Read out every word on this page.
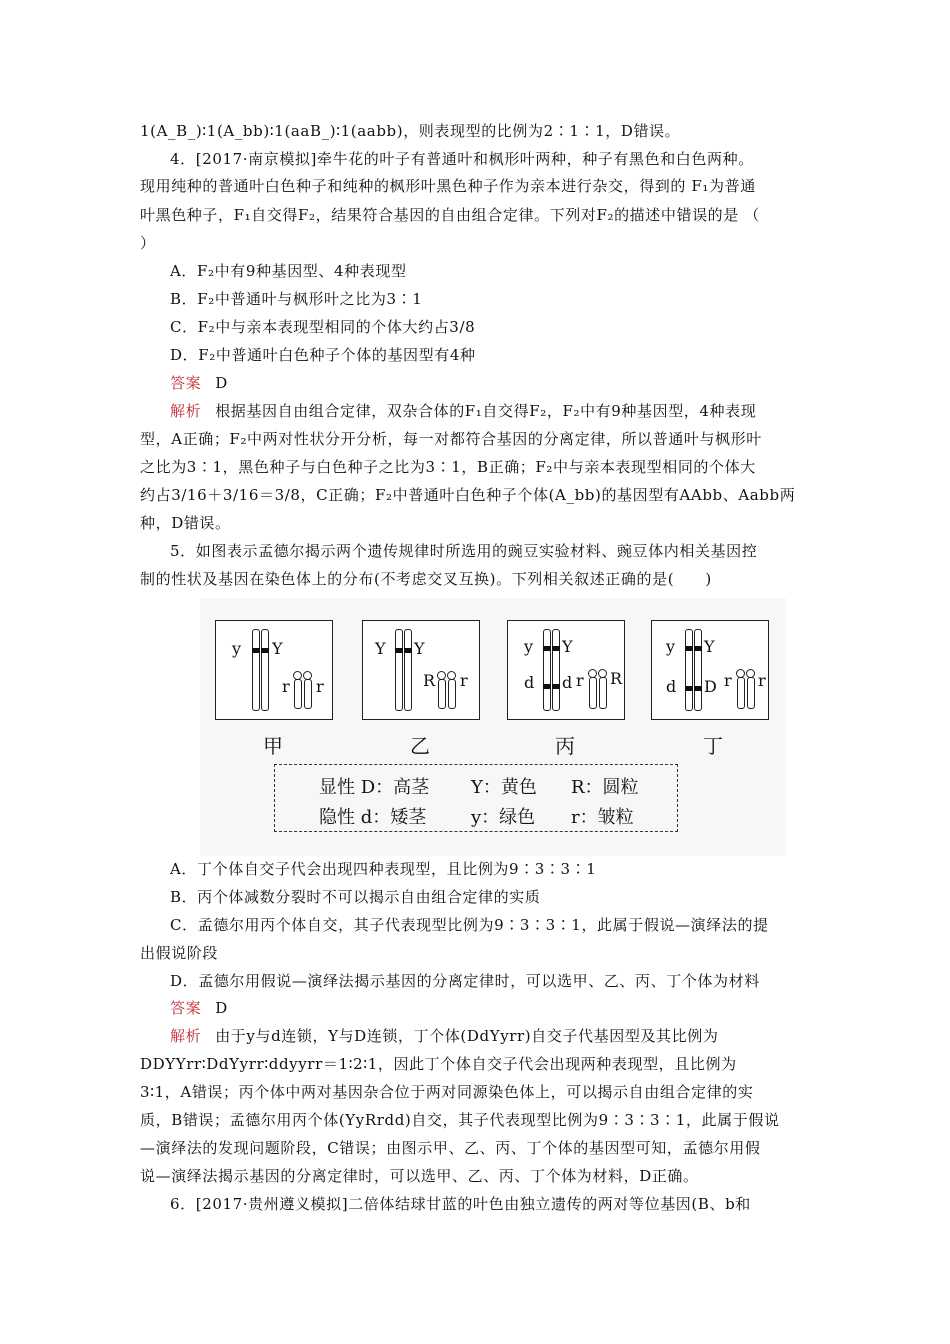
1(A_B_)∶1(A_bb)∶1(aaB_)∶1(aabb)，则表现型的比例为2∶1∶1，D错误。
4．[2017·南京模拟]牵牛花的叶子有普通叶和枫形叶两种，种子有黑色和白色两种。
现用纯种的普通叶白色种子和纯种的枫形叶黑色种子作为亲本进行杂交，得到的 F₁为普通
叶黑色种子，F₁自交得F₂，结果符合基因的自由组合定律。下列对F₂的描述中错误的是 （
）
A．F₂中有9种基因型、4种表现型
B．F₂中普通叶与枫形叶之比为3∶1
C．F₂中与亲本表现型相同的个体大约占3/8
D．F₂中普通叶白色种子个体的基因型有4种
答案 D
解析 根据基因自由组合定律，双杂合体的F₁自交得F₂，F₂中有9种基因型，4种表现
型，A正确；F₂中两对性状分开分析，每一对都符合基因的分离定律，所以普通叶与枫形叶
之比为3∶1，黑色种子与白色种子之比为3∶1，B正确；F₂中与亲本表现型相同的个体大
约占3/16＋3/16＝3/8，C正确；F₂中普通叶白色种子个体(A_bb)的基因型有AAbb、Aabb两
种，D错误。
5．如图表示孟德尔揭示两个遗传规律时所选用的豌豆实验材料、豌豆体内相关基因控
制的性状及基因在染色体上的分布(不考虑交叉互换)。下列相关叙述正确的是(　　)
y Y
r r
甲
Y Y
R r
乙
y Y
d d r R
丙
y Y
d D r r
丁
显性 D：高茎 Y：黄色 R：圆粒
隐性 d：矮茎 y：绿色 r：皱粒
A．丁个体自交子代会出现四种表现型，且比例为9∶3∶3∶1
B．丙个体减数分裂时不可以揭示自由组合定律的实质
C．孟德尔用丙个体自交，其子代表现型比例为9∶3∶3∶1，此属于假说—演绎法的提
出假说阶段
D．孟德尔用假说—演绎法揭示基因的分离定律时，可以选甲、乙、丙、丁个体为材料
答案 D
解析 由于y与d连锁，Y与D连锁，丁个体(DdYyrr)自交子代基因型及其比例为
DDYYrr∶DdYyrr∶ddyyrr＝1∶2∶1，因此丁个体自交子代会出现两种表现型，且比例为
3∶1，A错误；丙个体中两对基因杂合位于两对同源染色体上，可以揭示自由组合定律的实
质，B错误；孟德尔用丙个体(YyRrdd)自交，其子代表现型比例为9∶3∶3∶1，此属于假说
—演绎法的发现问题阶段，C错误；由图示甲、乙、丙、丁个体的基因型可知，孟德尔用假
说—演绎法揭示基因的分离定律时，可以选甲、乙、丙、丁个体为材料，D正确。
6．[2017·贵州遵义模拟]二倍体结球甘蓝的叶色由独立遗传的两对等位基因(B、b和
